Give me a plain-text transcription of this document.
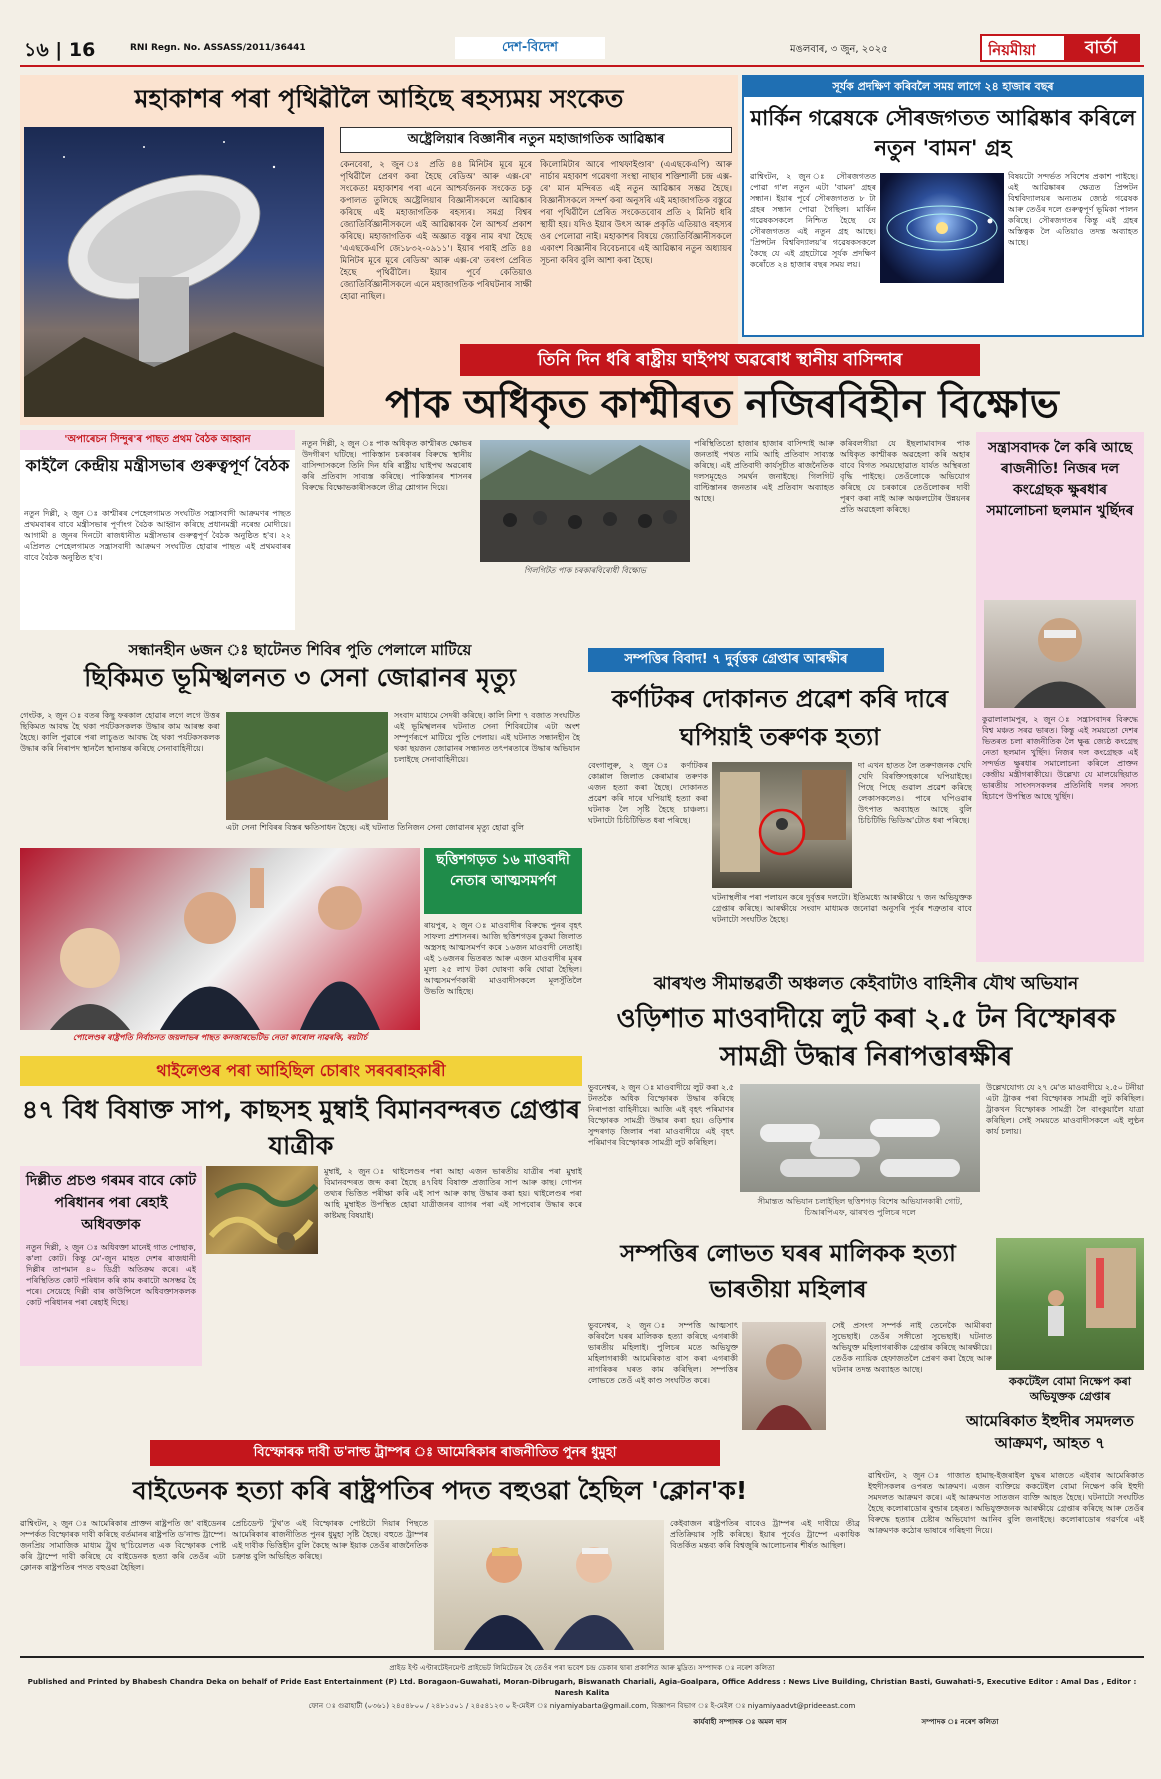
১৬ | 16	RNI Regn. No. ASSASS/2011/36441	দেশ-বিদেশ	মঙলবাৰ, ৩ জুন, ২০২৫	নিয়মীয়া	বাৰ্তা
মহাকাশৰ পৰা পৃথিৱীলৈ আহিছে ৰহস্যময় সংকেত
অষ্ট্ৰেলিয়াৰ বিজ্ঞানীৰ নতুন মহাজাগতিক আৱিষ্কাৰ
কেনবেৰা, ২ জুন ঃ প্ৰতি ৪৪ মিনিটৰ মূৰে মূৰে পৃথিৱীলৈ প্ৰেৰণ কৰা হৈছে ৰেডিঅ' আৰু এক্স-ৰে' সংকেত! মহাকাশৰ পৰা এনে আশ্চৰ্যজনক সংকেত চকু কপালত তুলিছে অষ্ট্ৰেলিয়াৰ বিজ্ঞানীসকলে আৱিষ্কাৰ কৰিছে এই মহাজাগতিক ৰহস্যৰ। সমগ্ৰ বিশ্বৰ জ্যোতিৰ্বিজ্ঞানীসকলে এই আৱিষ্কাৰক লৈ আশ্চৰ্য প্ৰকাশ কৰিছে। মহাজাগতিক এই অজ্ঞাত বস্তুৰ নাম ৰখা হৈছে 'এএছকেএপি জে১৮৩২-০৯১১'। ইয়াৰ পৰাই প্ৰতি ৪৪ মিনিটৰ মূৰে মূৰে ৰেডিঅ' আৰু এক্স-ৰে' তৰংগ প্ৰেৰিত হৈছে পৃথিৱীলৈ। ইয়াৰ পূৰ্বে কেতিয়াও জ্যোতিৰ্বিজ্ঞানীসকলে এনে মহাজাগতিক পৰিঘটনাৰ সাক্ষী হোৱা নাছিল।
কিলোমিটাৰ আৰে পাথফাইণ্ডাৰ' (এএছকেএপি) আৰু নাৰ্চাৰ মহাকাশ গৱেষণা সংস্থা নাছাৰ শক্তিশালী চন্দ্ৰ এক্স-ৰে' মান মন্দিৰত এই নতুন আৱিষ্কাৰ সম্ভৱ হৈছে। বিজ্ঞানীসকলে সন্দৰ্শ কৰা অনুসৰি এই মহাজাগতিক বস্তুৱে পৰা পৃথিৱীলৈ প্ৰেৰিত সংকেতবোৰ প্ৰতি ২ মিনিট ধৰি স্থায়ী হয়। যদিও ইয়াৰ উৎস আৰু প্ৰকৃতি এতিয়াও ৰহস্যৰ ওৰ পেলোৱা নাই। মহাকাশৰ বিষয়ে জ্যোতিৰ্বিজ্ঞানীসকলে একাংশ বিজ্ঞানীৰ বিবেচনাৰে এই আৱিষ্কাৰ নতুন অধ্যায়ৰ সূচনা কৰিব বুলি আশা কৰা হৈছে।
সূৰ্যক প্ৰদক্ষিণ কৰিবলৈ সময় লাগে ২৪ হাজাৰ বছৰ
মাৰ্কিন গৱেষকে সৌৰজগতত আৱিষ্কাৰ কৰিলে নতুন 'বামন' গ্ৰহ
ৱাশ্বিংটন, ২ জুন ঃ সৌৰজগতত পোৱা গ'ল নতুন এটা 'বামন' গ্ৰহৰ সন্ধান। ইয়াৰ পূৰ্বে সৌৰজগতত ৮ টা গ্ৰহৰ সন্ধান পোৱা গৈছিল। মাৰ্কিন গৱেষকসকলে নিশ্চিত হৈছে যে সৌৰজগতত এই নতুন গ্ৰহ আছে। 'প্ৰিন্সটন বিশ্ববিদ্যালয়'ৰ গৱেষকসকলে কৈছে যে এই গ্ৰহটোৱে সূৰ্যক প্ৰদক্ষিণ কৰোঁতে ২৪ হাজাৰ বছৰ সময় লয়।
বিষয়টো সন্দৰ্ভত সবিশেষ প্ৰকাশ পাইছে। এই আৱিষ্কাৰৰ ক্ষেত্ৰত প্ৰিন্সটন বিশ্ববিদ্যালয়ৰ অন্যতম জ্যেষ্ঠ গৱেষক আৰু তেওঁৰ দলে গুৰুত্বপূৰ্ণ ভূমিকা পালন কৰিছে। সৌৰজগতৰ কিন্তু এই গ্ৰহৰ অস্তিত্বক লৈ এতিয়াও তদন্ত অব্যাহত আছে।
তিনি দিন ধৰি ৰাষ্ট্ৰীয় ঘাইপথ অৱৰোধ স্থানীয় বাসিন্দাৰ
পাক অধিকৃত কাশ্মীৰত নজিৰবিহীন বিক্ষোভ
'অপাৰেচন সিন্দুৰ'ৰ পাছত প্ৰথম বৈঠক আহ্বান
কাইলৈ কেন্দ্ৰীয় মন্ত্ৰীসভাৰ গুৰুত্বপূৰ্ণ বৈঠক
নতুন দিল্লী, ২ জুন ঃ কাশ্মীৰৰ পেহেলগামত সংঘটিত সন্ত্ৰাসবাদী আক্ৰমণৰ পাছত প্ৰথমবাৰৰ বাবে মন্ত্ৰীসভাৰ পূৰ্ণাংগ বৈঠক আহ্বান কৰিছে প্ৰধানমন্ত্ৰী নৰেন্দ্ৰ মোদীয়ে। আগামী ৪ জুনৰ দিনটো ৰাজধানীত মন্ত্ৰীসভাৰ গুৰুত্বপূৰ্ণ বৈঠক অনুষ্ঠিত হ'ব। ২২ এপ্ৰিলত পেহেলগামত সন্ত্ৰাসবাদী আক্ৰমণ সংঘটিত হোৱাৰ পাছত এই প্ৰথমবাৰৰ বাবে বৈঠক অনুষ্ঠিত হ'ব।
নতুন দিল্লী, ২ জুন ঃ পাক অধিকৃত কাশ্মীৰত ক্ষোভৰ উদগীৰণ ঘটিছে। পাকিস্তান চৰকাৰৰ বিৰুদ্ধে স্থানীয় বাসিন্দাসকলে তিনি দিন ধৰি ৰাষ্ট্ৰীয় ঘাইপথ অৱৰোধ কৰি প্ৰতিবাদ সাব্যস্ত কৰিছে। পাকিস্তানৰ শাসনৰ বিৰুদ্ধে বিক্ষোভকাৰীসকলে তীব্ৰ শ্লোগান দিয়ে।
গিলগিটত পাক চৰকাৰবিৰোধী বিক্ষোভ
পৰিস্থিতিতো হাজাৰ হাজাৰ বাসিন্দাই আৰু জনতাই পথত নামি আহি প্ৰতিবাদ সাব্যস্ত কৰিছে। এই প্ৰতিবাদী কাৰ্যসূচীত ৰাজনৈতিক দলসমূহেও সমৰ্থন জনাইছে। গিলগিট বাল্টিস্তানৰ জনতাৰ এই প্ৰতিবাদ অব্যাহত আছে।
কৰিবলগীয়া যে ইছলামাবাদৰ পাক অধিকৃত কাশ্মীৰক অৱহেলা কৰি অহাৰ বাবে বিগত সময়ছোৱাত যাৰ্যত অস্থিৰতা বৃদ্ধি পাইছে। তেওঁলোকে অভিযোগ কৰিছে যে চৰকাৰে তেওঁলোকৰ দাবী পূৰণ কৰা নাই আৰু অঞ্চলটোৰ উন্নয়নৰ প্ৰতি অৱহেলা কৰিছে।
সন্ত্ৰাসবাদক লৈ কৰি আছে ৰাজনীতি! নিজৰ দল কংগ্ৰেছক ক্ষুৰধাৰ সমালোচনা ছলমান খুৰ্ছিদৰ
কুৱালালামপুৰ, ২ জুন ঃ সন্ত্ৰাসবাদৰ বিৰুদ্ধে বিশ্ব মঞ্চত সৰৱ ভাৰত। কিন্তু এই সময়তো দেশৰ ভিতৰত চলা ৰাজনীতিক লৈ ক্ষুব্ধ জ্যেষ্ঠ কংগ্ৰেছ নেতা ছলমান খুৰ্ছিদ। নিজৰ দল কংগ্ৰেছক এই সন্দৰ্ভত ক্ষুৰধাৰ সমালোচনা কৰিলে প্ৰাক্তন কেন্দ্ৰীয় মন্ত্ৰীগৰাকীয়ে। উল্লেখ্য যে মালয়েছিয়াত ভাৰতীয় সাংসদসকলৰ প্ৰতিনিধি দলৰ সদস্য হিচাপে উপস্থিত আছে খুৰ্ছিদ।
সন্ধানহীন ৬জন ঃ ছাটেনত শিবিৰ পুতি পেলালে মাটিয়ে
ছিকিমত ভূমিস্খলনত ৩ সেনা জোৱানৰ মৃত্যু
গেংটক, ২ জুন ঃ বতৰ কিছু ফৰকাল হোৱাৰ লগে লগে উত্তৰ ছিকিমত আবদ্ধ হৈ থকা পৰ্যটকসকলক উদ্ধাৰ কাম আৰম্ভ কৰা হৈছে। কালি পুৱাৰে পৰা লাচুঙত আবদ্ধ হৈ থকা পৰ্যটকসকলক উদ্ধাৰ কৰি নিৰাপদ স্থানলৈ স্থানান্তৰ কৰিছে সেনাবাহিনীয়ে।
সংবাদ মাধ্যমে সেদৰী কৰিছে। কালি নিশা ৭ বজাত সংঘটিত এই ভূমিস্খলনৰ ঘটনাত সেনা শিবিৰটোৰ এটা অংশ সম্পূৰ্ণৰূপে মাটিয়ে পুতি পেলায়। এই ঘটনাত সন্ধানহীন হৈ থকা ছয়জন জোৱানৰ সন্ধানত তৎপৰতাৰে উদ্ধাৰ অভিযান চলাইছে সেনাবাহিনীয়ে।
এটা সেনা শিবিৰৰ বিস্তৰ ক্ষতিসাধন হৈছে। এই ঘটনাত তিনিজন সেনা জোৱানৰ মৃত্যু হোৱা বুলি
পোলেণ্ডৰ ৰাষ্ট্ৰপতি নিৰ্বাচনত জয়লাভৰ পাছত কনজাৰভেটিভ নেতা কাৰোল নাৱৰকি, ৰয়টাৰ্চ
ছত্তিশগড়ত ১৬ মাওবাদী নেতাৰ আত্মসমৰ্পণ
ৰায়পুৰ, ২ জুন ঃ মাওবাদীৰ বিৰুদ্ধে পুনৰ বৃহৎ সাফল্য প্ৰশাসনৰ। আজি ছত্তিশগড়ৰ চুকমা জিলাত অস্ত্ৰসহ আত্মসমৰ্পণ কৰে ১৬জন মাওবাদী নেতাই। এই ১৬জনৰ ভিতৰত আৰু এজন মাওবাদীৰ মূৰৰ মূল্য ২৫ লাখ টকা ঘোষণা কৰি থোৱা হৈছিল। আত্মসমৰ্পণকাৰী মাওবাদীসকলে মূলসুঁতিলৈ উভতি আহিছে।
সম্পত্তিৰ বিবাদ! ৭ দুৰ্বৃত্তক গ্ৰেপ্তাৰ আৰক্ষীৰ
কৰ্ণাটকৰ দোকানত প্ৰৱেশ কৰি দাৰে ঘপিয়াই তৰুণক হত্যা
বেংগালুৰু, ২ জুন ঃ কৰ্ণাটকৰ কোপ্পাল জিলাত কেৰামাৰ তৰুণক এজন হত্যা কৰা হৈছে। দোকানত প্ৰৱেশ কৰি দাৰে ঘপিয়াই হত্যা কৰা ঘটনাক লৈ সৃষ্টি হৈছে চাঞ্চল্য। ঘটনাটো চিচিটিভিত ধৰা পৰিছে।
দা এখন হাতত লৈ তৰুণজনক খেদি খেদি বিৰক্তিসহকাৰে ঘপিয়াইছে। পিছে পিছে গুৱাল প্ৰৱেশ কৰিছে লেকাসকলেও। পাৰে ঘপিওৱাৰ উৎপাত অব্যাহত আছে বুলি চিচিটিভি ভিডিঅ'টোত ধৰা পৰিছে।
ঘটনাস্থলীৰ পৰা পলায়ন কৰে দুৰ্বৃত্তৰ দলটো। ইতিমধ্যে আৰক্ষীয়ে ৭ জন অভিযুক্তক গ্ৰেপ্তাৰ কৰিছে। আৰক্ষীয়ে সংবাদ মাধ্যমক জনোৱা অনুসৰি পূৰ্বৰ শত্ৰুতাৰ বাবে ঘটনাটো সংঘটিত হৈছে।
ঝাৰখণ্ড সীমান্তৱৰ্তী অঞ্চলত কেইবাটাও বাহিনীৰ যৌথ অভিযান
ওড়িশাত মাওবাদীয়ে লুট কৰা ২.৫ টন বিস্ফোৰক সামগ্ৰী উদ্ধাৰ নিৰাপত্তাৰক্ষীৰ
ভুবনেশ্বৰ, ২ জুন ঃ মাওবাদীয়ে লুট কৰা ২.৫ টনতকৈ অধিক বিস্ফোৰক উদ্ধাৰ কৰিছে নিৰাপত্তা বাহিনীয়ে। আজি এই বৃহৎ পৰিমাণৰ বিস্ফোৰক সামগ্ৰী উদ্ধাৰ কৰা হয়। ওড়িশাৰ সুন্দৰগড় জিলাৰ পৰা মাওবাদীয়ে এই বৃহৎ পৰিমাণৰ বিস্ফোৰক সামগ্ৰী লুট কৰিছিল।
সীমান্তত অভিযান চলাইছিল ছত্তিশগড় বিশেষ অভিযানকাৰী গোট, চিআৰপিএফ, ঝাৰখণ্ড পুলিচৰ দলে
উল্লেখযোগ্য যে ২৭ মে'ত মাওবাদীয়ে ২.৫০ টনীয়া এটা ট্ৰাকৰ পৰা বিস্ফোৰক সামগ্ৰী লুট কৰিছিল। ট্ৰাকখন বিস্ফোৰক সামগ্ৰী লৈ বাংকুয়ালৈ যাত্ৰা কৰিছিল। সেই সময়তে মাওবাদীসকলে এই লুণ্ঠন কাৰ্য চলায়।
থাইলেণ্ডৰ পৰা আহিছিল চোৰাং সৰবৰাহকাৰী
৪৭ বিধ বিষাক্ত সাপ, কাছসহ মুম্বাই বিমানবন্দৰত গ্ৰেপ্তাৰ যাত্ৰীক
মুম্বাই, ২ জুন ঃ থাইলেণ্ডৰ পৰা আহা এজন ভাৰতীয় যাত্ৰীৰ পৰা মুম্বাই বিমানবন্দৰত জব্দ কৰা হৈছে ৪৭বিধ বিষাক্ত প্ৰজাতিৰ সাপ আৰু কাছ। গোপন তথ্যৰ ভিত্তিত পৰীক্ষা কৰি এই সাপ আৰু কাছ উদ্ধাৰ কৰা হয়। থাইলেণ্ডৰ পৰা আহি মুম্বাইত উপস্থিত হোৱা যাত্ৰীজনৰ ব্যাগৰ পৰা এই সাপবোৰ উদ্ধাৰ কৰে কাষ্টমছ বিষয়াই।
দিল্লীত প্ৰচণ্ড গৰমৰ বাবে কোট পৰিধানৰ পৰা ৰেহাই অধিবক্তাক
নতুন দিল্লী, ২ জুন ঃ অধিবক্তা মানেই গাত পোছাক, ক'লা কোট। কিন্তু মে'-জুন মাহত দেশৰ ৰাজধানী দিল্লীৰ তাপমান ৪০ ডিগ্ৰী অতিক্ৰম কৰে। এই পৰিস্থিতিত কোট পৰিধান কৰি কাম কৰাটো অসম্ভৱ হৈ পৰে। সেয়েহে দিল্লী বাৰ কাউন্সিলে অধিবক্তাসকলক কোট পৰিধানৰ পৰা ৰেহাই দিছে।
সম্পত্তিৰ লোভত ঘৰৰ মালিকক হত্যা ভাৰতীয়া মহিলাৰ
ভুবনেশ্বৰ, ২ জুন ঃ সম্পত্তি আত্মসাৎ কৰিবলৈ ঘৰৰ মালিকক হত্যা কৰিছে এগৰাকী ভাৰতীয় মহিলাই। পুলিচৰ মতে অভিযুক্ত মহিলাগৰাকী আমেৰিকাত বাস কৰা এগৰাকী নাগৰিকৰ ঘৰত কাম কৰিছিল। সম্পত্তিৰ লোভতে তেওঁ এই কাণ্ড সংঘটিত কৰে।
সেই প্ৰসংগ সম্পৰ্ক নাই তেনেকৈ আমীৰবা সুভেছাই। তেওঁৰ সঙ্গীতো সুভেছাই। ঘটনাত অভিযুক্ত মহিলাগৰাকীক গ্ৰেপ্তাৰ কৰিছে আৰক্ষীয়ে। তেওঁক ন্যায়িক হেফাজতলৈ প্ৰেৰণ কৰা হৈছে আৰু ঘটনাৰ তদন্ত অব্যাহত আছে।
ককটেইল বোমা নিক্ষেপ কৰা অভিযুক্তক গ্ৰেপ্তাৰ
আমেৰিকাত ইহুদীৰ সমদলত আক্ৰমণ, আহত ৭
ৱাশ্বিংটন, ২ জুন ঃ গাজাত হামাছ-ইজৰাইল যুদ্ধৰ মাজতে এইবাৰ আমেৰিকাত ইহুদীসকলৰ ওপৰত আক্ৰমণ। এজন ব্যক্তিয়ে ককটেইল বোমা নিক্ষেপ কৰি ইহুদী সমদলত আক্ৰমণ কৰে। এই আক্ৰমণত সাতজন ব্যক্তি আহত হৈছে। ঘটনাটো সংঘটিত হৈছে কলোৰাডোৰ বুল্ডাৰ চহৰত। অভিযুক্তজনক আৰক্ষীয়ে গ্ৰেপ্তাৰ কৰিছে আৰু তেওঁৰ বিৰুদ্ধে হত্যাৰ চেষ্টাৰ অভিযোগ আনিব বুলি জনাইছে। কলোৰাডোৰ গৱৰ্ণৰে এই আক্ৰমণক কঠোৰ ভাষাৰে গৰিহণা দিয়ে।
বিস্ফোৰক দাবী ড'নাল্ড ট্ৰাম্পৰ ঃ আমেৰিকাৰ ৰাজনীতিত পুনৰ ধুমুহা
বাইডেনক হত্যা কৰি ৰাষ্ট্ৰপতিৰ পদত বহুওৱা হৈছিল 'ক্লোন'ক!
ৱাশ্বিংটন, ২ জুন ঃ আমেৰিকাৰ প্ৰাক্তন ৰাষ্ট্ৰপতি জ' বাইডেনৰ সম্পৰ্কত বিস্ফোৰক দাবী কৰিছে বৰ্তমানৰ ৰাষ্ট্ৰপতি ড'নাল্ড ট্ৰাম্পে। জনপ্ৰিয় সামাজিক মাধ্যম ট্ৰুথ ছ'চিয়েলত এক বিস্ফোৰক পোষ্ট কৰি ট্ৰাম্পে দাবী কৰিছে যে বাইডেনক হত্যা কৰি তেওঁৰ এটা ক্লোনক ৰাষ্ট্ৰপতিৰ পদত বহুওৱা হৈছিল।
প্ৰেচিডেণ্ট 'টুথ'ত এই বিস্ফোৰক পোষ্টটো দিয়াৰ পিছতে আমেৰিকাৰ ৰাজনীতিত পুনৰ ধুমুহা সৃষ্টি হৈছে। বহুতে ট্ৰাম্পৰ এই দাবীক ভিত্তিহীন বুলি কৈছে আৰু ইয়াক তেওঁৰ ৰাজনৈতিক চক্ৰান্ত বুলি অভিহিত কৰিছে।
কেইবাজন ৰাষ্ট্ৰপতিৰ বাবেও ট্ৰাম্পৰ এই দাবীয়ে তীব্ৰ প্ৰতিক্ৰিয়াৰ সৃষ্টি কৰিছে। ইয়াৰ পূৰ্বেও ট্ৰাম্পে একাধিক বিতৰ্কিত মন্তব্য কৰি বিশ্বজুৰি আলোচনাৰ শীৰ্ষত আছিল।
প্ৰাইড ইণ্ট এণ্টাৰটেইনমেণ্ট প্ৰাইভেট লিমিটেডৰ হৈ তেওঁৰ পৰা ভবেশ চন্দ্ৰ ডেকাৰ দ্বাৰা প্ৰকাশিত আৰু মুদ্ৰিত। সম্পাদক ঃ নৰেশ কলিতা
Published and Printed by Bhabesh Chandra Deka on behalf of Pride East Entertainment (P) Ltd. Boragaon-Guwahati, Moran-Dibrugarh, Biswanath Chariali, Agia-Goalpara, Office Address : News Live Building, Christian Basti, Guwahati-5, Executive Editor : Amal Das , Editor : Naresh Kalita
ফোন ঃ গুৱাহাটী (০৩৬১) ২৪৫৪৮০০ / ২৪৮১৫০১ / ২৪৫৪১২৩ ০ ই-মেইল ঃ niyamiyabarta@gmail.com, বিজ্ঞাপন বিভাগ ঃ ই-মেইল ঃ niyamiyaadvt@prideeast.com
কাৰ্যবাহী সম্পাদক ঃ অমল দাস	সম্পাদক ঃ নৰেশ কলিতা
